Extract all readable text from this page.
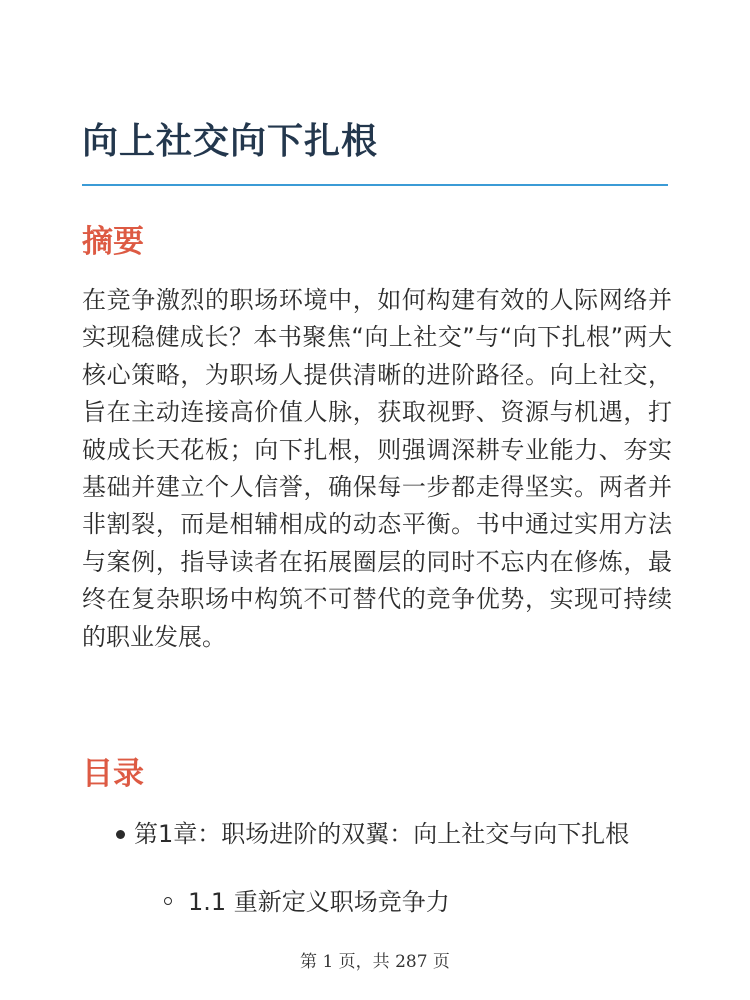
向上社交向下扎根
摘要

在竞争激烈的职场环境中，如何构建有效的人际网络并实现稳健成长？本书聚焦“向上社交”与“向下扎根”两大核心策略，为职场人提供清晰的进阶路径。向上社交，旨在主动连接高价值人脉，获取视野、资源与机遇，打破成长天花板；向下扎根，则强调深耕专业能力、夯实基础并建立个人信誉，确保每一步都走得坚实。两者并非割裂，而是相辅相成的动态平衡。书中通过实用方法与案例，指导读者在拓展圈层的同时不忘内在修炼，最终在复杂职场中构筑不可替代的竞争优势，实现可持续的职业发展。

目录
第1章：职场进阶的双翼：向上社交与向下扎根
1.1 重新定义职场竞争力
第 1 页，共 287 页
